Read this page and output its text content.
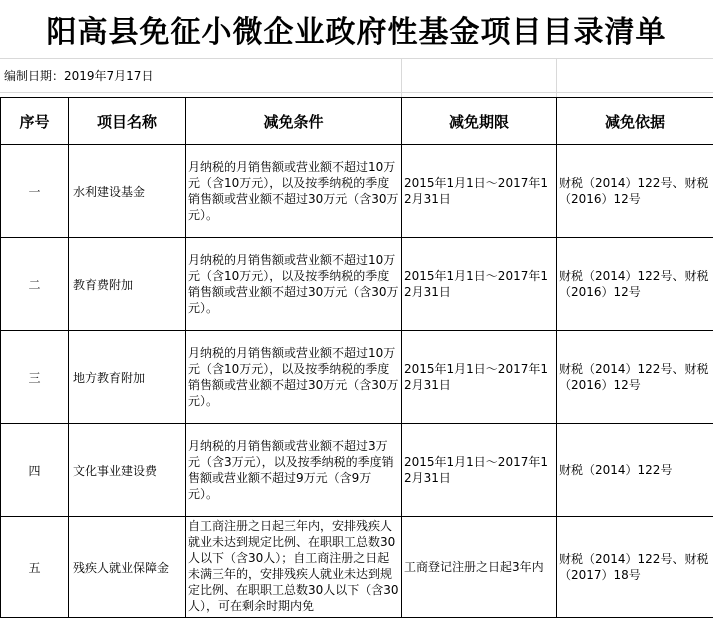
阳高县免征小微企业政府性基金项目目录清单
编制日期：2019年7月17日
序号	项目名称	减免条件	减免期限	减免依据
一	水利建设基金	月纳税的月销售额或营业额不超过10万元（含10万元），以及按季纳税的季度销售额或营业额不超过30万元（含30万元）。	2015年1月1日～2017年12月31日	财税（2014）122号、财税（2016）12号

二	教育费附加	月纳税的月销售额或营业额不超过10万元（含10万元），以及按季纳税的季度销售额或营业额不超过30万元（含30万元）。	2015年1月1日～2017年12月31日	财税（2014）122号、财税（2016）12号

三	地方教育附加	月纳税的月销售额或营业额不超过10万元（含10万元），以及按季纳税的季度销售额或营业额不超过30万元（含30万元）。	2015年1月1日～2017年12月31日	财税（2014）122号、财税（2016）12号

四	文化事业建设费	月纳税的月销售额或营业额不超过3万元（含3万元），以及按季纳税的季度销售额或营业额不超过9万元（含9万元）。	2015年1月1日～2017年12月31日	财税（2014）122号

五	残疾人就业保障金	自工商注册之日起三年内，安排残疾人就业未达到规定比例、在职职工总数30人以下（含30人）；自工商注册之日起未满三年的，安排残疾人就业未达到规定比例、在职职工总数30人以下（含30人），可在剩余时期内免	工商登记注册之日起3年内	财税（2014）122号、财税（2017）18号
